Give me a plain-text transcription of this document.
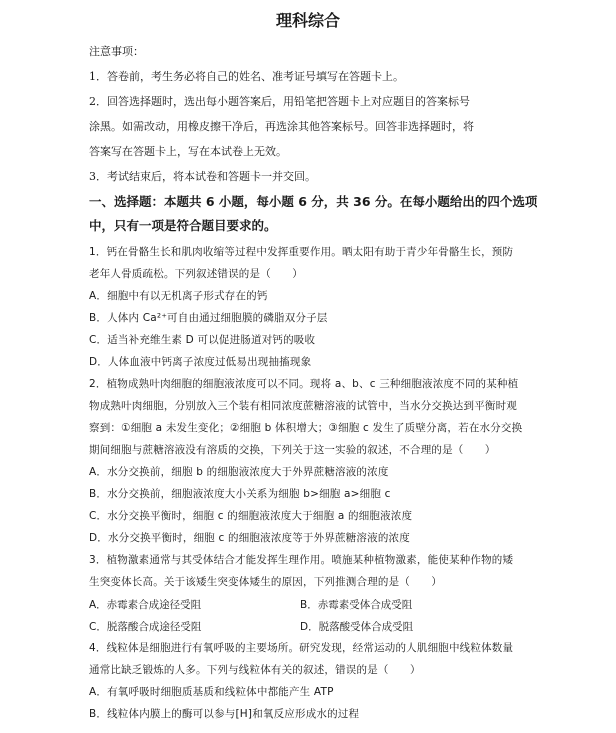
理科综合
注意事项：
1．答卷前，考生务必将自己的姓名、准考证号填写在答题卡上。
2．回答选择题时，选出每小题答案后，用铅笔把答题卡上对应题目的答案标号
涂黑。如需改动，用橡皮擦干净后，再选涂其他答案标号。回答非选择题时，将
答案写在答题卡上，写在本试卷上无效。
3．考试结束后，将本试卷和答题卡一并交回。
一、选择题：本题共 6 小题，每小题 6 分，共 36 分。在每小题给出的四个选项
中，只有一项是符合题目要求的。
1．钙在骨骼生长和肌肉收缩等过程中发挥重要作用。晒太阳有助于青少年骨骼生长，预防
老年人骨质疏松。下列叙述错误的是（　　）
A．细胞中有以无机离子形式存在的钙
B．人体内 Ca²⁺可自由通过细胞膜的磷脂双分子层
C．适当补充维生素 D 可以促进肠道对钙的吸收
D．人体血液中钙离子浓度过低易出现抽搐现象
2．植物成熟叶肉细胞的细胞液浓度可以不同。现将 a、b、c 三种细胞液浓度不同的某种植
物成熟叶肉细胞，分别放入三个装有相同浓度蔗糖溶液的试管中，当水分交换达到平衡时观
察到：①细胞 a 未发生变化；②细胞 b 体积增大；③细胞 c 发生了质壁分离，若在水分交换
期间细胞与蔗糖溶液没有溶质的交换，下列关于这一实验的叙述，不合理的是（　　）
A．水分交换前，细胞 b 的细胞液浓度大于外界蔗糖溶液的浓度
B．水分交换前，细胞液浓度大小关系为细胞 b>细胞 a>细胞 c
C．水分交换平衡时，细胞 c 的细胞液浓度大于细胞 a 的细胞液浓度
D．水分交换平衡时，细胞 c 的细胞液浓度等于外界蔗糖溶液的浓度
3．植物激素通常与其受体结合才能发挥生理作用。喷施某种植物激素，能使某种作物的矮
生突变体长高。关于该矮生突变体矮生的原因，下列推测合理的是（　　）
A．赤霉素合成途径受阻	B．赤霉素受体合成受阻
C．脱落酸合成途径受阻	D．脱落酸受体合成受阻
4．线粒体是细胞进行有氧呼吸的主要场所。研究发现，经常运动的人肌细胞中线粒体数量
通常比缺乏锻炼的人多。下列与线粒体有关的叙述，错误的是（　　）
A．有氧呼吸时细胞质基质和线粒体中都能产生 ATP
B．线粒体内膜上的酶可以参与[H]和氧反应形成水的过程
